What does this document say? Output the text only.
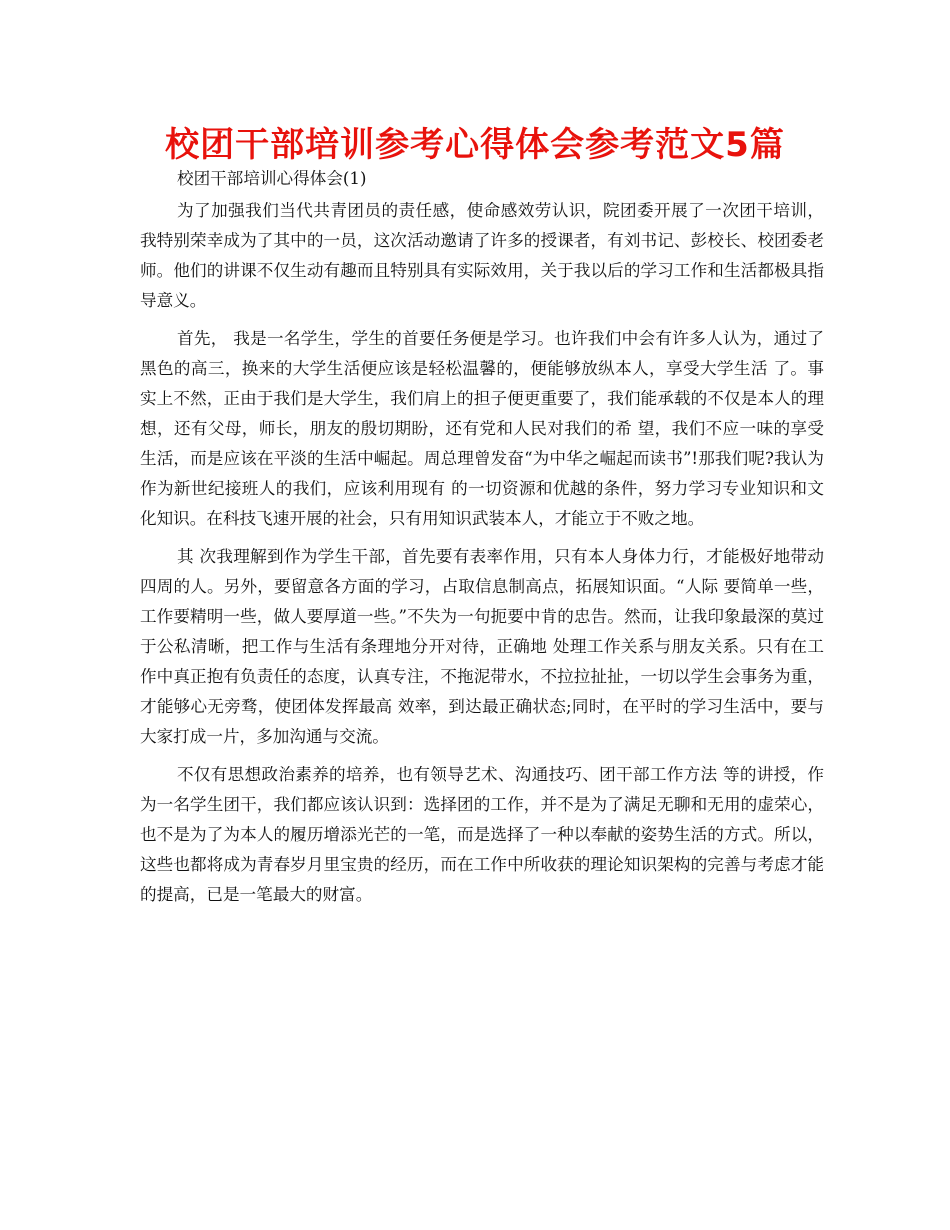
校团干部培训参考心得体会参考范文5篇

校团干部培训心得体会(1)

为了加强我们当代共青团员的责任感，使命感效劳认识，院团委开展了一次团干培训，我特别荣幸成为了其中的一员，这次活动邀请了许多的授课者，有刘书记、彭校长、校团委老师。他们的讲课不仅生动有趣而且特别具有实际效用，关于我以后的学习工作和生活都极具指导意义。

首先， 我是一名学生，学生的首要任务便是学习。也许我们中会有许多人认为，通过了黑色的高三，换来的大学生活便应该是轻松温馨的，便能够放纵本人，享受大学生活 了。事实上不然，正由于我们是大学生，我们肩上的担子便更重要了，我们能承载的不仅是本人的理想，还有父母，师长，朋友的殷切期盼，还有党和人民对我们的希 望，我们不应一味的享受生活，而是应该在平淡的生活中崛起。周总理曾发奋“为中华之崛起而读书”!那我们呢?我认为作为新世纪接班人的我们，应该利用现有 的一切资源和优越的条件，努力学习专业知识和文化知识。在科技飞速开展的社会，只有用知识武装本人，才能立于不败之地。

其 次我理解到作为学生干部，首先要有表率作用，只有本人身体力行，才能极好地带动四周的人。另外，要留意各方面的学习，占取信息制高点，拓展知识面。“人际 要简单一些，工作要精明一些，做人要厚道一些。”不失为一句扼要中肯的忠告。然而，让我印象最深的莫过于公私清晰，把工作与生活有条理地分开对待，正确地 处理工作关系与朋友关系。只有在工作中真正抱有负责任的态度，认真专注，不拖泥带水，不拉拉扯扯，一切以学生会事务为重，才能够心无旁骛，使团体发挥最高 效率，到达最正确状态;同时，在平时的学习生活中，要与大家打成一片，多加沟通与交流。

不仅有思想政治素养的培养，也有领导艺术、沟通技巧、团干部工作方法 等的讲授，作为一名学生团干，我们都应该认识到：选择团的工作，并不是为了满足无聊和无用的虚荣心，也不是为了为本人的履历增添光芒的一笔，而是选择了一种以奉献的姿势生活的方式。所以，这些也都将成为青春岁月里宝贵的经历，而在工作中所收获的理论知识架构的完善与考虑才能的提高，已是一笔最大的财富。
